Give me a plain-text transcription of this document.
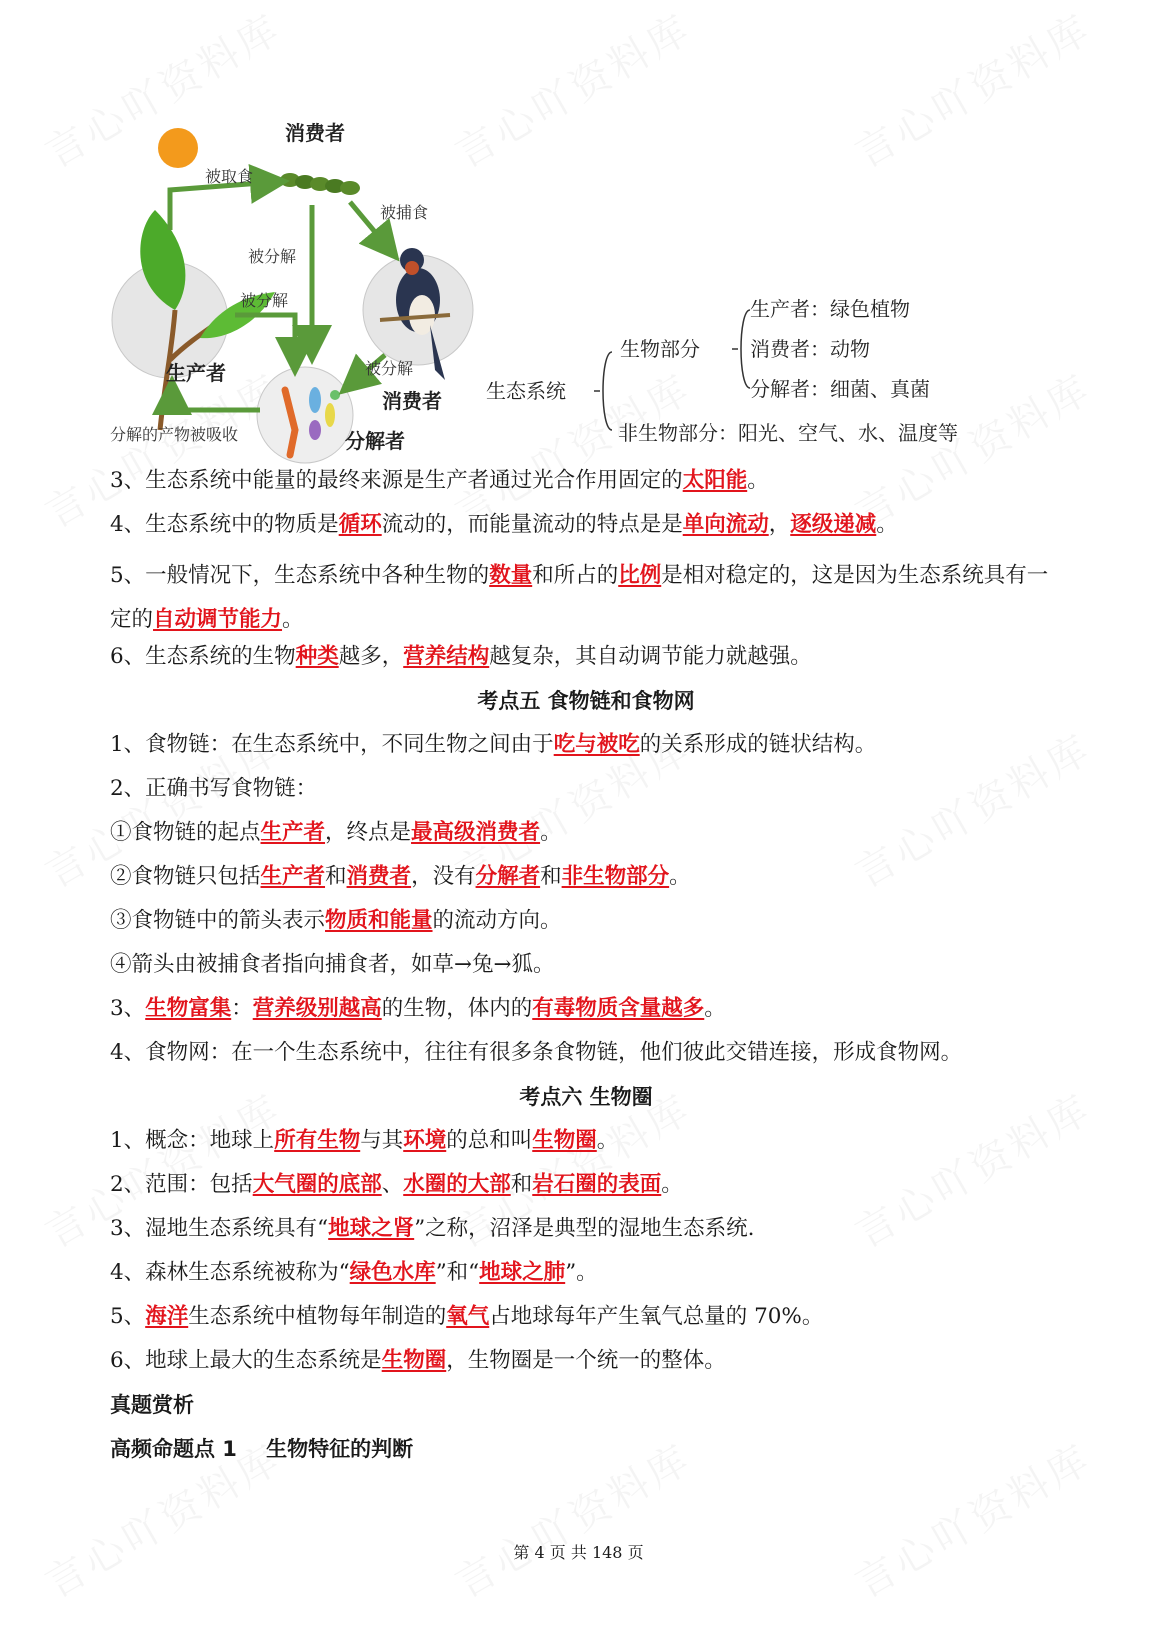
消费者
被取食
被捕食
被分解
被分解
被分解
生产者
消费者
分解者
分解的产物被吸收
生态系统
生物部分
生产者：绿色植物
消费者：动物
分解者：细菌、真菌
非生物部分：阳光、空气、水、温度等
3、生态系统中能量的最终来源是生产者通过光合作用固定的太阳能。
4、生态系统中的物质是循环流动的，而能量流动的特点是是单向流动，逐级递减。
5、一般情况下，生态系统中各种生物的数量和所占的比例是相对稳定的，这是因为生态系统具有一定的自动调节能力。
6、生态系统的生物种类越多，营养结构越复杂，其自动调节能力就越强。
考点五 食物链和食物网
1、食物链：在生态系统中，不同生物之间由于吃与被吃的关系形成的链状结构。
2、正确书写食物链：
①食物链的起点生产者，终点是最高级消费者。
②食物链只包括生产者和消费者，没有分解者和非生物部分。
③食物链中的箭头表示物质和能量的流动方向。
④箭头由被捕食者指向捕食者，如草→兔→狐。
3、生物富集：营养级别越高的生物，体内的有毒物质含量越多。
4、食物网：在一个生态系统中，往往有很多条食物链，他们彼此交错连接，形成食物网。
考点六 生物圈
1、概念：地球上所有生物与其环境的总和叫生物圈。
2、范围：包括大气圈的底部、水圈的大部和岩石圈的表面。
3、湿地生态系统具有“地球之肾”之称，沼泽是典型的湿地生态系统.
4、森林生态系统被称为“绿色水库”和“地球之肺”。
5、海洋生态系统中植物每年制造的氧气占地球每年产生氧气总量的 70%。
6、地球上最大的生态系统是生物圈，生物圈是一个统一的整体。
真题赏析
高频命题点 1    生物特征的判断
第 4 页 共 148 页
